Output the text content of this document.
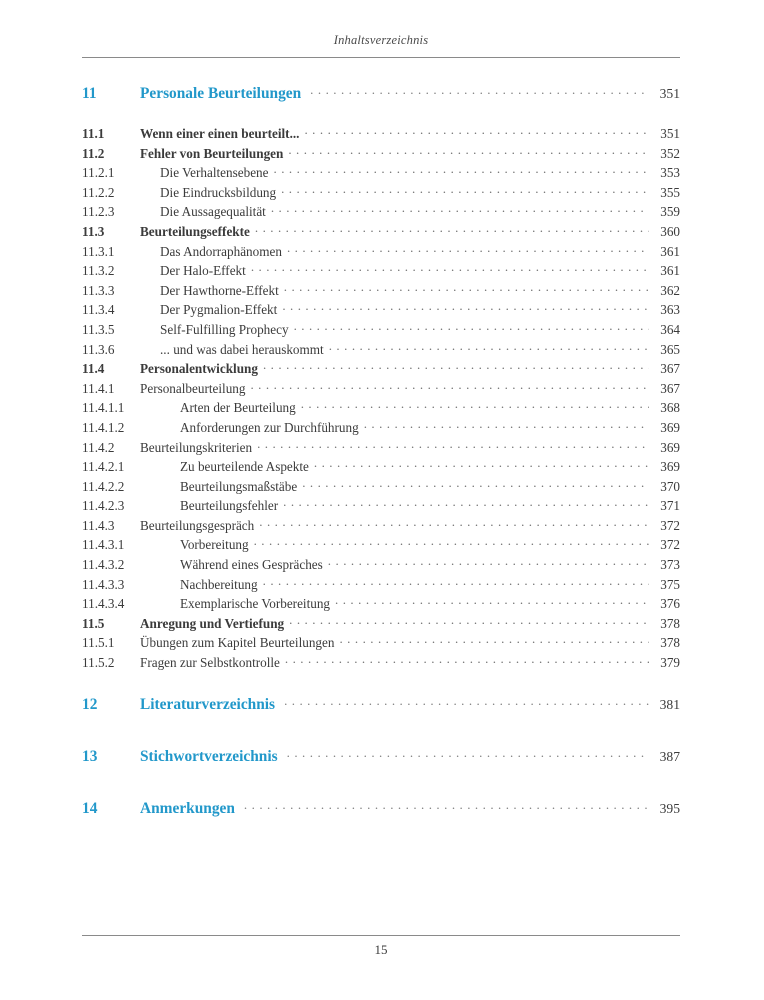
Inhaltsverzeichnis
11	Personale Beurteilungen . . .	351
11.1	Wenn einer einen beurteilt... . . .	351
11.2	Fehler von Beurteilungen . . .	352
11.2.1	Die Verhaltensebene . . .	353
11.2.2	Die Eindrucksbildung . . .	355
11.2.3	Die Aussagequalität . . .	359
11.3	Beurteilungseffekte . . .	360
11.3.1	Das Andorraphänomen . . .	361
11.3.2	Der Halo-Effekt . . .	361
11.3.3	Der Hawthorne-Effekt . . .	362
11.3.4	Der Pygmalion-Effekt . . .	363
11.3.5	Self-Fulfilling Prophecy . . .	364
11.3.6	... und was dabei herauskommt . . .	365
11.4	Personalentwicklung . . .	367
11.4.1	Personalbeurteilung . . .	367
11.4.1.1	Arten der Beurteilung . . .	368
11.4.1.2	Anforderungen zur Durchführung . . .	369
11.4.2	Beurteilungskriterien . . .	369
11.4.2.1	Zu beurteilende Aspekte . . .	369
11.4.2.2	Beurteilungsmaßstäbe . . .	370
11.4.2.3	Beurteilungsfehler . . .	371
11.4.3	Beurteilungsgespräch . . .	372
11.4.3.1	Vorbereitung . . .	372
11.4.3.2	Während eines Gespräches . . .	373
11.4.3.3	Nachbereitung . . .	375
11.4.3.4	Exemplarische Vorbereitung . . .	376
11.5	Anregung und Vertiefung . . .	378
11.5.1	Übungen zum Kapitel Beurteilungen . . .	378
11.5.2	Fragen zur Selbstkontrolle . . .	379
12	Literaturverzeichnis . . .	381
13	Stichwortverzeichnis . . .	387
14	Anmerkungen . . .	395
15
